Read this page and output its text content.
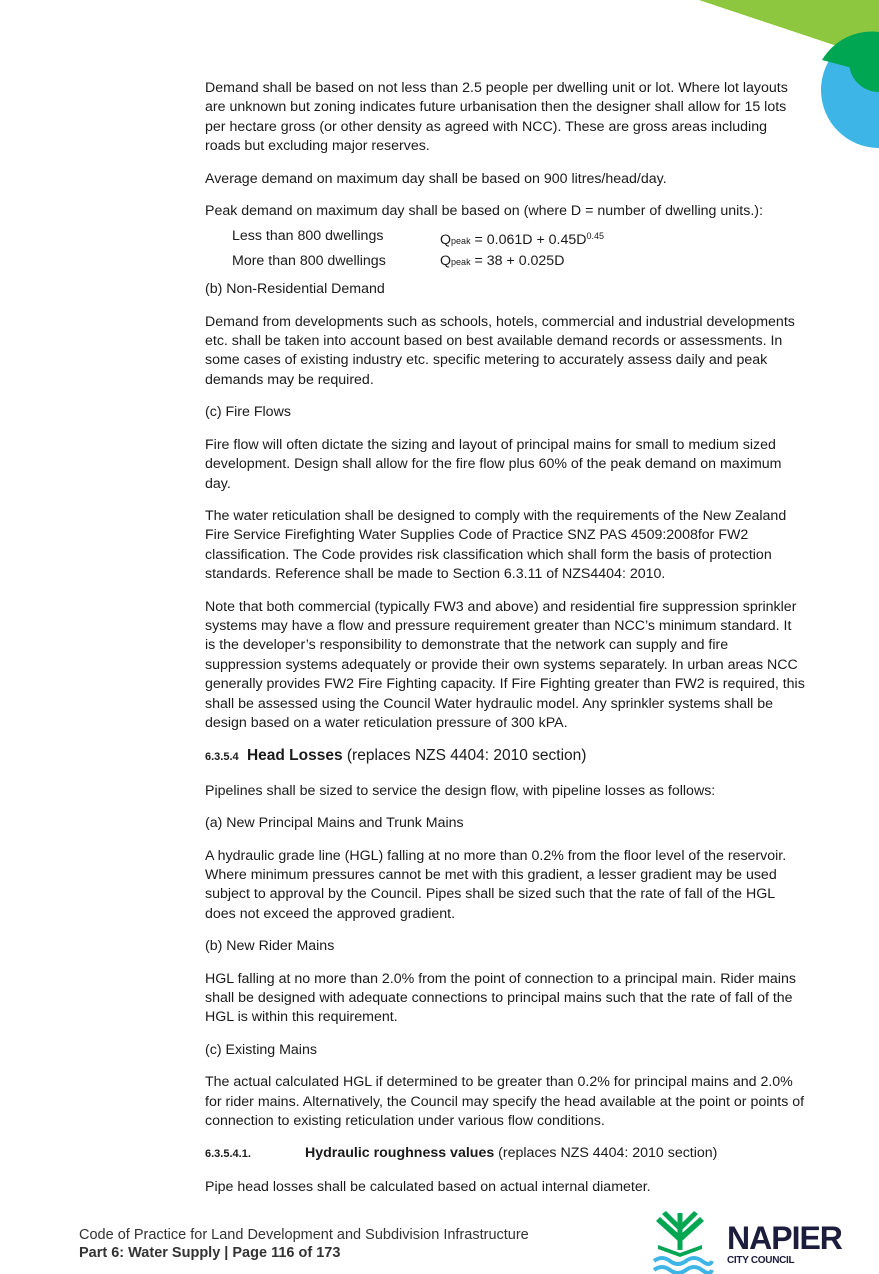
Demand shall be based on not less than 2.5 people per dwelling unit or lot. Where lot layouts are unknown but zoning indicates future urbanisation then the designer shall allow for 15 lots per hectare gross (or other density as agreed with NCC). These are gross areas including roads but excluding major reserves.

Average demand on maximum day shall be based on 900 litres/head/day.

Peak demand on maximum day shall be based on (where D = number of dwelling units.):

Less than 800 dwellings	Qpeak = $0.061D + 0.45D^{0.45}$
More than 800 dwellings	Qpeak = 38 + 0.025D

(b) Non-Residential Demand

Demand from developments such as schools, hotels, commercial and industrial developments etc. shall be taken into account based on best available demand records or assessments. In some cases of existing industry etc. specific metering to accurately assess daily and peak demands may be required.

(c) Fire Flows

Fire flow will often dictate the sizing and layout of principal mains for small to medium sized development. Design shall allow for the fire flow plus 60% of the peak demand on maximum day.

The water reticulation shall be designed to comply with the requirements of the New Zealand Fire Service Firefighting Water Supplies Code of Practice SNZ PAS 4509:2008for FW2 classification. The Code provides risk classification which shall form the basis of protection standards. Reference shall be made to Section 6.3.11 of NZS4404: 2010.

Note that both commercial (typically FW3 and above) and residential fire suppression sprinkler systems may have a flow and pressure requirement greater than NCC’s minimum standard. It is the developer’s responsibility to demonstrate that the network can supply and fire suppression systems adequately or provide their own systems separately. In urban areas NCC generally provides FW2 Fire Fighting capacity. If Fire Fighting greater than FW2 is required, this shall be assessed using the Council Water hydraulic model. Any sprinkler systems shall be design based on a water reticulation pressure of 300 kPA.

6.3.5.4 Head Losses (replaces NZS 4404: 2010 section)

Pipelines shall be sized to service the design flow, with pipeline losses as follows:

(a) New Principal Mains and Trunk Mains

A hydraulic grade line (HGL) falling at no more than 0.2% from the floor level of the reservoir. Where minimum pressures cannot be met with this gradient, a lesser gradient may be used subject to approval by the Council. Pipes shall be sized such that the rate of fall of the HGL does not exceed the approved gradient.

(b) New Rider Mains

HGL falling at no more than 2.0% from the point of connection to a principal main. Rider mains shall be designed with adequate connections to principal mains such that the rate of fall of the HGL is within this requirement.

(c) Existing Mains

The actual calculated HGL if determined to be greater than 0.2% for principal mains and 2.0% for rider mains. Alternatively, the Council may specify the head available at the point or points of connection to existing reticulation under various flow conditions.

6.3.5.4.1.	Hydraulic roughness values (replaces NZS 4404: 2010 section)

Pipe head losses shall be calculated based on actual internal diameter.

Code of Practice for Land Development and Subdivision Infrastructure
Part 6: Water Supply | Page 116 of 173	NAPIER
CITY COUNCIL
